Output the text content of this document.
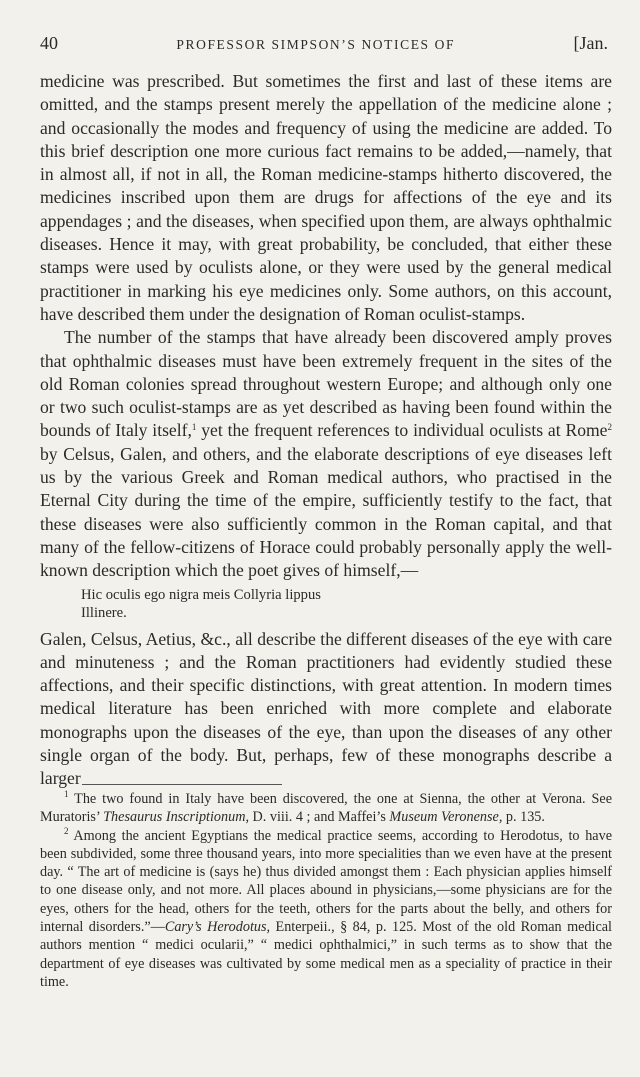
40	PROFESSOR SIMPSON’S NOTICES OF	[Jan.

medicine was prescribed. But sometimes the first and last of these items are omitted, and the stamps present merely the appellation of the medicine alone ; and occasionally the modes and frequency of using the medicine are added. To this brief description one more curious fact remains to be added,—namely, that in almost all, if not in all, the Roman medicine-stamps hitherto discovered, the medicines inscribed upon them are drugs for affections of the eye and its appendages ; and the diseases, when specified upon them, are always ophthalmic diseases. Hence it may, with great probability, be concluded, that either these stamps were used by oculists alone, or they were used by the general medical practitioner in marking his eye medicines only. Some authors, on this account, have described them under the designation of Roman oculist-stamps.

The number of the stamps that have already been discovered amply proves that ophthalmic diseases must have been extremely frequent in the sites of the old Roman colonies spread throughout western Europe; and although only one or two such oculist-stamps are as yet described as having been found within the bounds of Italy itself,$^1$ yet the frequent references to individual oculists at Rome$^2$ by Celsus, Galen, and others, and the elaborate descriptions of eye diseases left us by the various Greek and Roman medical authors, who practised in the Eternal City during the time of the empire, sufficiently testify to the fact, that these diseases were also sufficiently common in the Roman capital, and that many of the fellow-citizens of Horace could probably personally apply the well-known description which the poet gives of himself,—

Hic oculis ego nigra meis Collyria lippus
Illinere.

Galen, Celsus, Aetius, &c., all describe the different diseases of the eye with care and minuteness ; and the Roman practitioners had evidently studied these affections, and their specific distinctions, with great attention. In modern times medical literature has been enriched with more complete and elaborate monographs upon the diseases of the eye, than upon the diseases of any other single organ of the body. But, perhaps, few of these monographs describe a larger

$^1$ The two found in Italy have been discovered, the one at Sienna, the other at Verona. See Muratoris’ Thesaurus Inscriptionum, D. viii. 4 ; and Maffei’s Museum Veronense, p. 135.

$^2$ Among the ancient Egyptians the medical practice seems, according to Herodotus, to have been subdivided, some three thousand years, into more specialities than we even have at the present day. “ The art of medicine is (says he) thus divided amongst them : Each physician applies himself to one disease only, and not more. All places abound in physicians,—some physicians are for the eyes, others for the head, others for the teeth, others for the parts about the belly, and others for internal disorders.”—Cary’s Herodotus, Enterpeii., § 84, p. 125. Most of the old Roman medical authors mention “ medici ocularii,” “ medici ophthalmici,” in such terms as to show that the department of eye diseases was cultivated by some medical men as a speciality of practice in their time.
